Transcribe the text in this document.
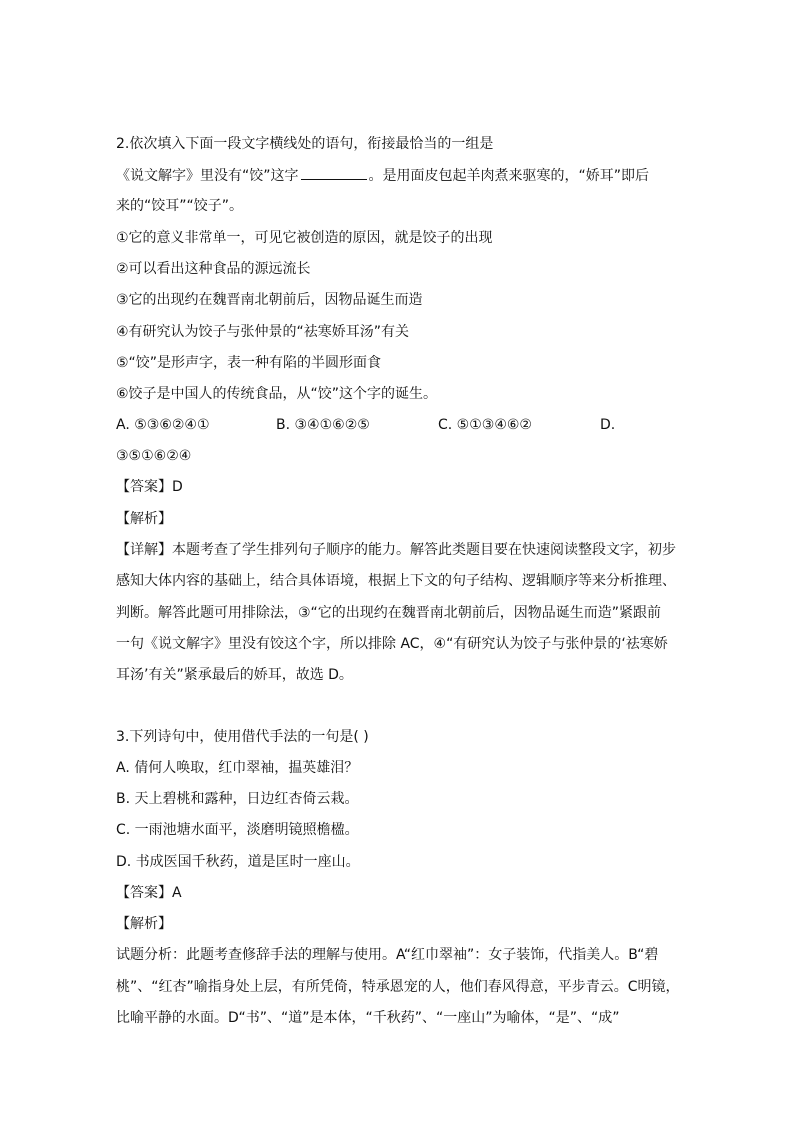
2.依次填入下面一段文字横线处的语句，衔接最恰当的一组是
《说文解字》里没有“饺”这字	。是用面皮包起羊肉煮来驱寒的，“娇耳”即后
来的“饺耳”“饺子”。
①它的意义非常单一，可见它被创造的原因，就是饺子的出现
②可以看出这种食品的源远流长
③它的出现约在魏晋南北朝前后，因物品诞生而造
④有研究认为饺子与张仲景的“祛寒娇耳汤”有关
⑤“饺”是形声字，表一种有陷的半圆形面食
⑥饺子是中国人的传统食品，从“饺”这个字的诞生。
A. ⑤③⑥②④①	B. ③④①⑥②⑤	C. ⑤①③④⑥②	D.
③⑤①⑥②④
【答案】D
【解析】
【详解】本题考查了学生排列句子顺序的能力。解答此类题目要在快速阅读整段文字，初步
感知大体内容的基础上，结合具体语境，根据上下文的句子结构、逻辑顺序等来分析推理、
判断。解答此题可用排除法，③“它的出现约在魏晋南北朝前后，因物品诞生而造”紧跟前
一句《说文解字》里没有饺这个字，所以排除 AC，④“有研究认为饺子与张仲景的‘祛寒娇
耳汤’有关”紧承最后的娇耳，故选 D。
3.下列诗句中，使用借代手法的一句是( )
A. 倩何人唤取，红巾翠袖，揾英雄泪？
B. 天上碧桃和露种，日边红杏倚云栽。
C. 一雨池塘水面平，淡磨明镜照檐楹。
D. 书成医国千秋药，道是匡时一座山。
【答案】A
【解析】
试题分析：此题考查修辞手法的理解与使用。A“红巾翠袖”：女子装饰，代指美人。B“碧
桃”、“红杏”喻指身处上层，有所凭倚，特承恩宠的人，他们春风得意，平步青云。C明镜，
比喻平静的水面。D“书”、“道”是本体，“千秋药”、“一座山”为喻体，“是”、“成”
